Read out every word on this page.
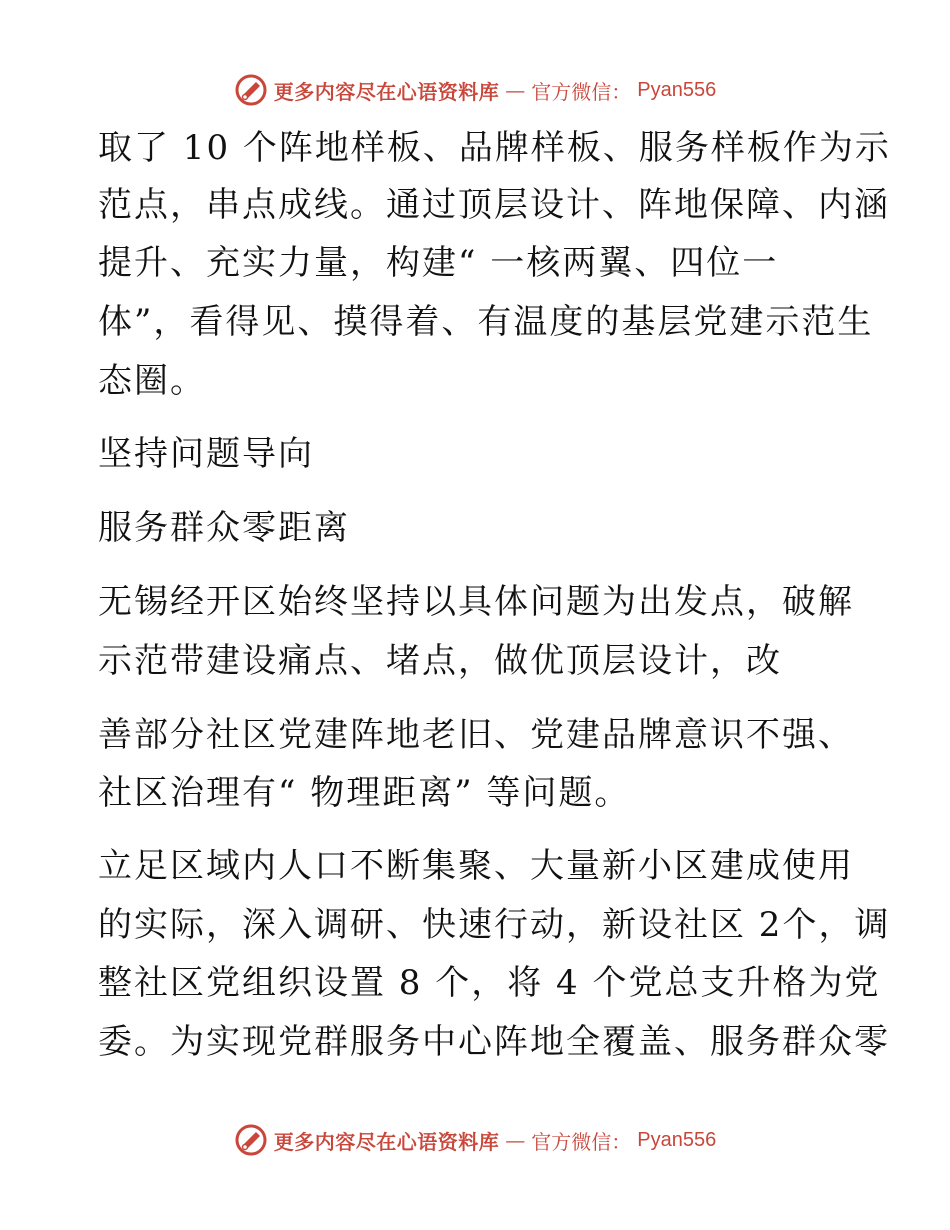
更多内容尽在心语资料库 — 官方微信： Pyan556

取了 10 个阵地样板、品牌样板、服务样板作为示

范点，串点成线。通过顶层设计、阵地保障、内涵

提升、充实力量，构建“ 一核两翼、四位一

体”，看得见、摸得着、有温度的基层党建示范生

态圈。

坚持问题导向

服务群众零距离

无锡经开区始终坚持以具体问题为出发点，破解

示范带建设痛点、堵点，做优顶层设计，改

善部分社区党建阵地老旧、党建品牌意识不强、

社区治理有“ 物理距离” 等问题。

立足区域内人口不断集聚、大量新小区建成使用

的实际，深入调研、快速行动，新设社区 2个，调

整社区党组织设置 8 个，将 4 个党总支升格为党

委。为实现党群服务中心阵地全覆盖、服务群众零

更多内容尽在心语资料库 — 官方微信： Pyan556
